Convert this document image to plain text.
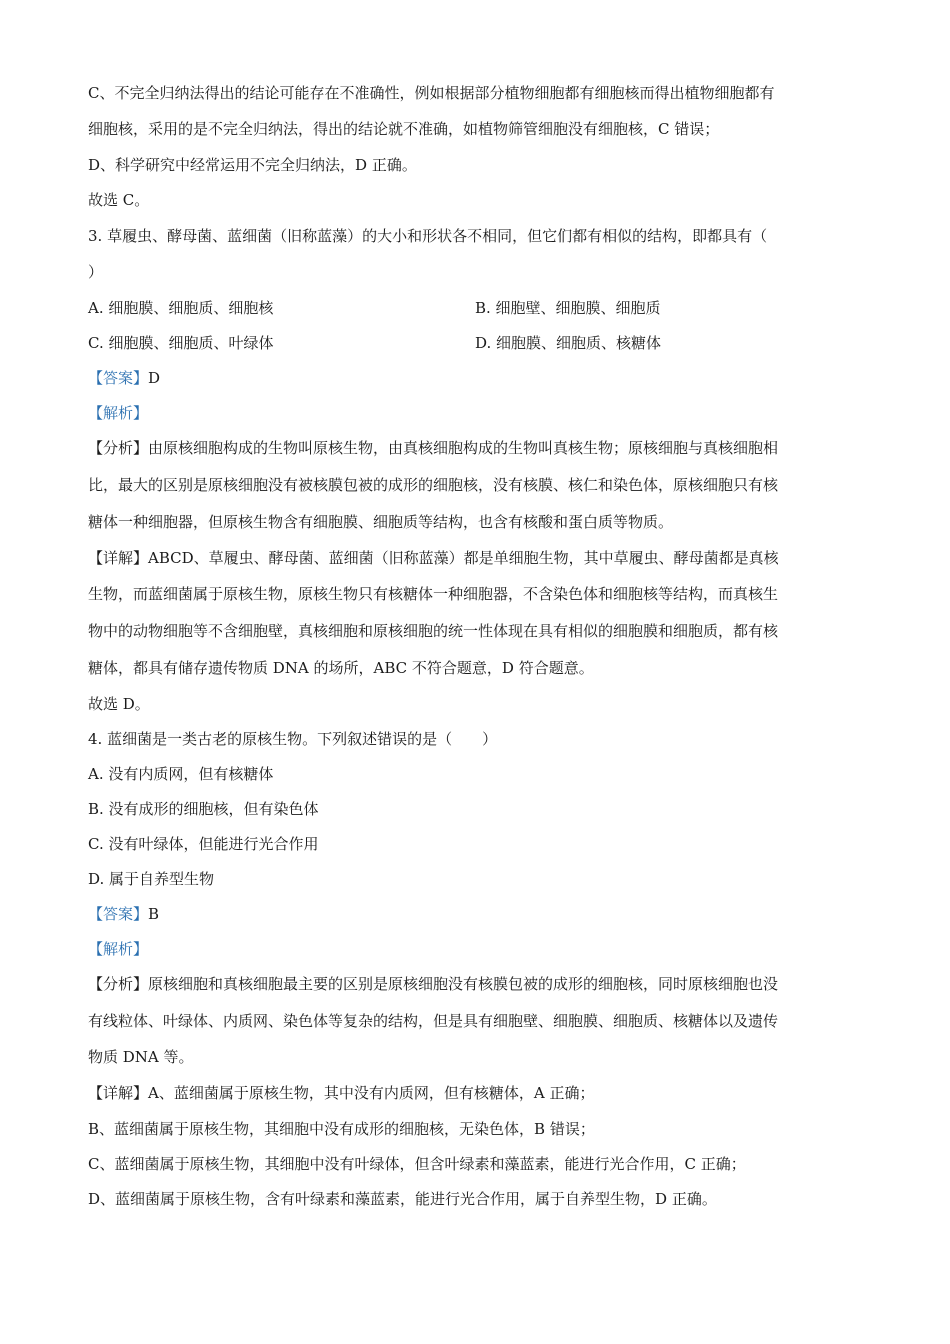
C、不完全归纳法得出的结论可能存在不准确性，例如根据部分植物细胞都有细胞核而得出植物细胞都有
细胞核，采用的是不完全归纳法，得出的结论就不准确，如植物筛管细胞没有细胞核，C 错误；
D、科学研究中经常运用不完全归纳法，D 正确。
故选 C。
3. 草履虫、酵母菌、蓝细菌（旧称蓝藻）的大小和形状各不相同，但它们都有相似的结构，即都具有（
）
A. 细胞膜、细胞质、细胞核	B. 细胞壁、细胞膜、细胞质
C. 细胞膜、细胞质、叶绿体	D. 细胞膜、细胞质、核糖体
【答案】D
【解析】
【分析】由原核细胞构成的生物叫原核生物，由真核细胞构成的生物叫真核生物；原核细胞与真核细胞相
比，最大的区别是原核细胞没有被核膜包被的成形的细胞核，没有核膜、核仁和染色体，原核细胞只有核
糖体一种细胞器，但原核生物含有细胞膜、细胞质等结构，也含有核酸和蛋白质等物质。
【详解】ABCD、草履虫、酵母菌、蓝细菌（旧称蓝藻）都是单细胞生物，其中草履虫、酵母菌都是真核
生物，而蓝细菌属于原核生物，原核生物只有核糖体一种细胞器，不含染色体和细胞核等结构，而真核生
物中的动物细胞等不含细胞壁，真核细胞和原核细胞的统一性体现在具有相似的细胞膜和细胞质，都有核
糖体，都具有储存遗传物质 DNA 的场所，ABC 不符合题意，D 符合题意。
故选 D。
4. 蓝细菌是一类古老的原核生物。下列叙述错误的是（　　）
A. 没有内质网，但有核糖体
B. 没有成形的细胞核，但有染色体
C. 没有叶绿体，但能进行光合作用
D. 属于自养型生物
【答案】B
【解析】
【分析】原核细胞和真核细胞最主要的区别是原核细胞没有核膜包被的成形的细胞核，同时原核细胞也没
有线粒体、叶绿体、内质网、染色体等复杂的结构，但是具有细胞壁、细胞膜、细胞质、核糖体以及遗传
物质 DNA 等。
【详解】A、蓝细菌属于原核生物，其中没有内质网，但有核糖体，A 正确；
B、蓝细菌属于原核生物，其细胞中没有成形的细胞核，无染色体，B 错误；
C、蓝细菌属于原核生物，其细胞中没有叶绿体，但含叶绿素和藻蓝素，能进行光合作用，C 正确；
D、蓝细菌属于原核生物，含有叶绿素和藻蓝素，能进行光合作用，属于自养型生物，D 正确。
